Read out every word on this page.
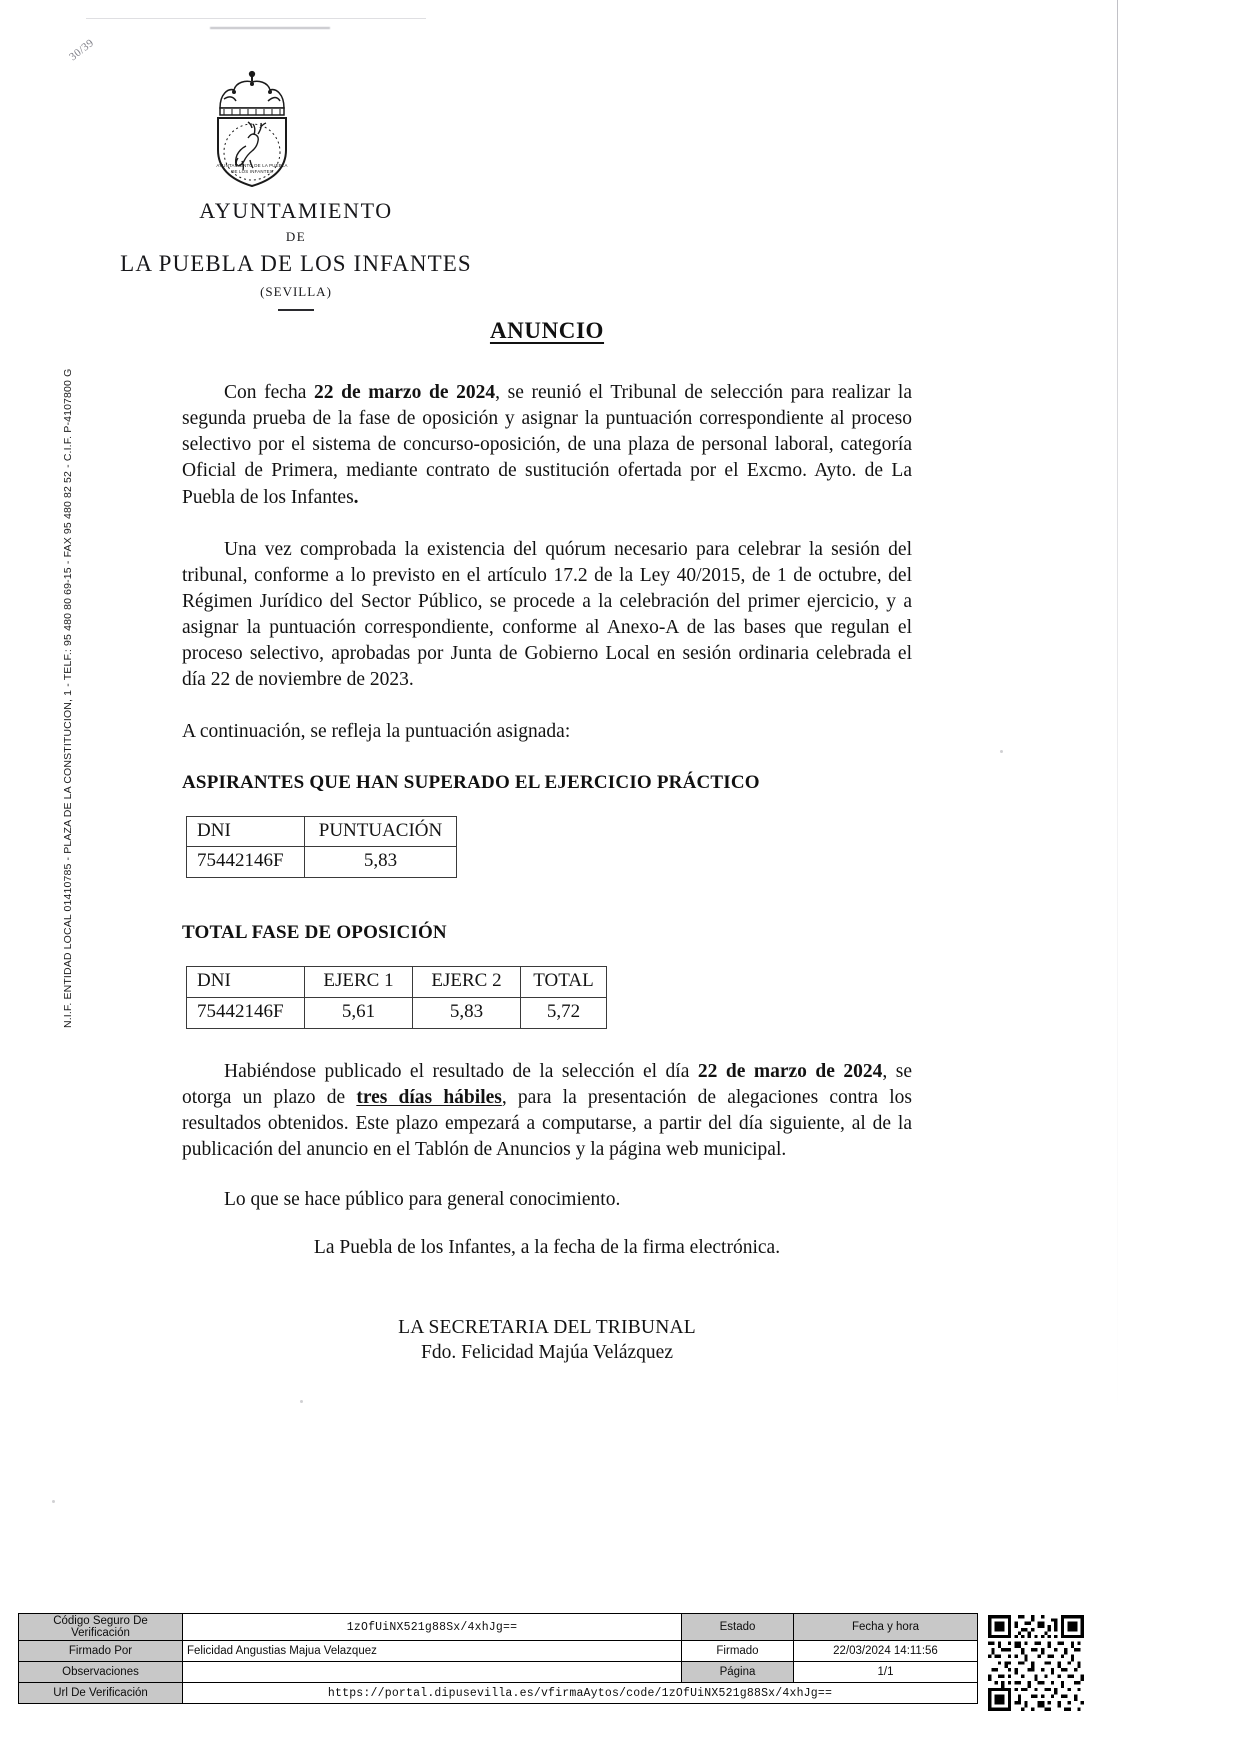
30/39
N.I.F. ENTIDAD LOCAL 01410785 - PLAZA DE LA CONSTITUCION, 1 - TELF.: 95 480 80 69-15 - FAX 95 480 82 52 - C.I.F. P-4107800 G
AYUNTAMIENTO DE LA PUEBLA
DE LOS INFANTES
AYUNTAMIENTO
DE
LA PUEBLA DE LOS INFANTES
(SEVILLA)
ANUNCIO

Con fecha 22 de marzo de 2024, se reunió el Tribunal de selección para realizar la segunda prueba de la fase de oposición y asignar la puntuación correspondiente al proceso selectivo por el sistema de concurso-oposición, de una plaza de personal laboral, categoría Oficial de Primera, mediante contrato de sustitución ofertada por el Excmo. Ayto. de La Puebla de los Infantes.

Una vez comprobada la existencia del quórum necesario para celebrar la sesión del tribunal, conforme a lo previsto en el artículo 17.2 de la Ley 40/2015, de 1 de octubre, del Régimen Jurídico del Sector Público, se procede a la celebración del primer ejercicio, y a asignar la puntuación correspondiente, conforme al Anexo-A de las bases que regulan el proceso selectivo, aprobadas por Junta de Gobierno Local en sesión ordinaria celebrada el día 22 de noviembre de 2023.

A continuación, se refleja la puntuación asignada:

ASPIRANTES QUE HAN SUPERADO EL EJERCICIO PRÁCTICO
DNI	PUNTUACIÓN
75442146F	5,83
TOTAL FASE DE OPOSICIÓN
DNI	EJERC 1	EJERC 2	TOTAL
75442146F	5,61	5,83	5,72

Habiéndose publicado el resultado de la selección el día 22 de marzo de 2024, se otorga un plazo de tres días hábiles, para la presentación de alegaciones contra los resultados obtenidos. Este plazo empezará a computarse, a partir del día siguiente, al de la publicación del anuncio en el Tablón de Anuncios y la página web municipal.

Lo que se hace público para general conocimiento.

La Puebla de los Infantes, a la fecha de la firma electrónica.
LA SECRETARIA DEL TRIBUNAL
Fdo. Felicidad Majúa Velázquez
Código Seguro De Verificación	1zOfUiNX521g88Sx/4xhJg==	Estado	Fecha y hora
Firmado Por	Felicidad Angustias Majua Velazquez	Firmado	22/03/2024 14:11:56
Observaciones		Página	1/1
Url De Verificación	https://portal.dipusevilla.es/vfirmaAytos/code/1zOfUiNX521g88Sx/4xhJg==		
